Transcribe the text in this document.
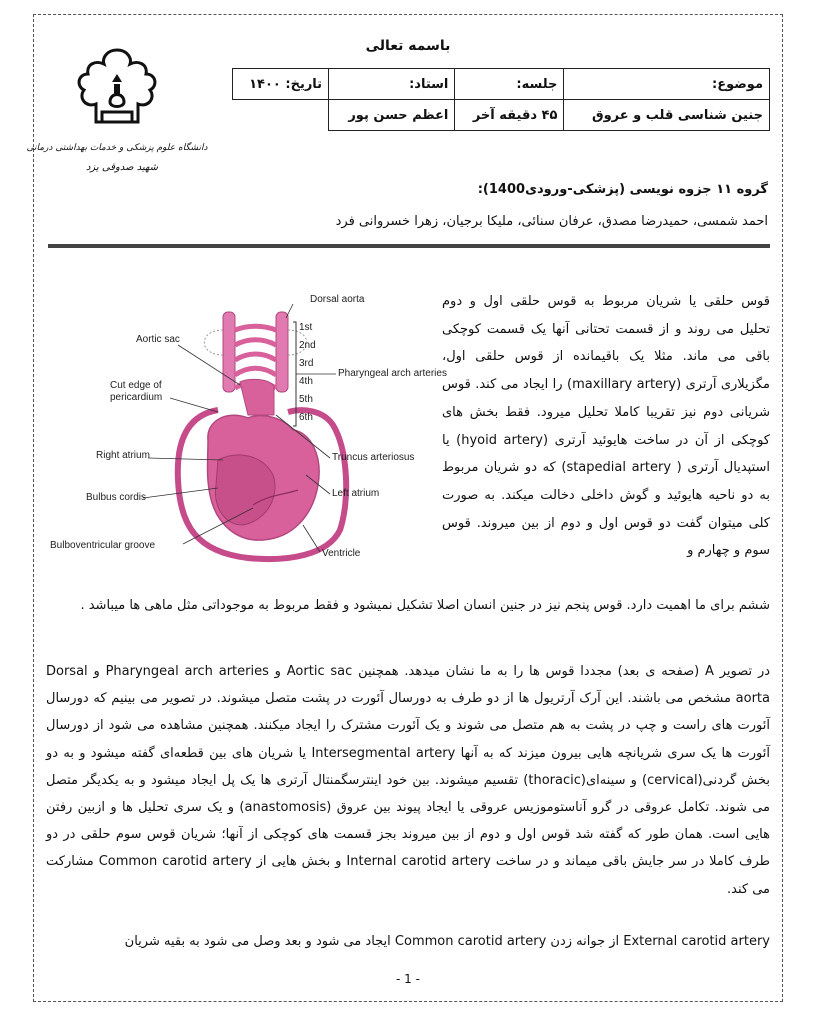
باسمه تعالی
دانشگاه علوم پزشکی و خدمات بهداشتی درمانی
شهید صدوقی یزد
موضوع:	جلسه:	استاد:	تاریخ: ۱۴۰۰
جنین شناسی قلب و عروق	۴۵ دقیقه آخر	اعظم حسن پور	
گروه ۱۱ جزوه نویسی (پزشکی-ورودی1400):
احمد شمسی، حمیدرضا مصدق، عرفان سنائی، ملیکا برجیان، زهرا خسروانی فرد
Dorsal aorta
Aortic sac
Cut edge of
pericardium
Right atrium
Bulbus cordis
Bulboventricular groove
Pharyngeal arch arteries
Truncus arteriosus
Left atrium
Ventricle
1st
2nd
3rd
4th
5th
6th
قوس حلقی یا شریان مربوط به قوس حلقی اول و دوم تحلیل می روند و از قسمت تحتانی آنها یک قسمت کوچکی باقی می ماند. مثلا یک باقیمانده از قوس حلقی اول، مگزیلاری آرتری (maxillary artery) را ایجاد می کند. قوس شریانی دوم نیز تقریبا کاملا تحلیل میرود. فقط بخش های کوچکی از آن در ساخت هایوئید آرتری (hyoid artery) یا استپدیال آرتری ( stapedial artery) که دو شریان مربوط به دو ناحیه هایوئید و گوش داخلی دخالت میکند. به صورت کلی میتوان گفت دو قوس اول و دوم از بین میروند. قوس سوم و چهارم و
ششم برای ما اهمیت دارد. قوس پنجم نیز در جنین انسان اصلا تشکیل نمیشود و فقط مربوط به موجوداتی مثل ماهی ها میباشد .
در تصویر A (صفحه ی بعد) مجددا قوس ها را به ما نشان میدهد. همچنین Aortic sac و Pharyngeal arch arteries و Dorsal aorta مشخص می باشند. این آرک آرتریول ها از دو طرف به دورسال آئورت در پشت متصل میشوند. در تصویر می بینیم که دورسال آئورت های راست و چپ در پشت به هم متصل می شوند و یک آئورت مشترک را ایجاد میکنند. همچنین مشاهده می شود از دورسال آئورت ها یک سری شریانچه هایی بیرون میزند که به آنها Intersegmental artery یا شریان های بین قطعه‌ای گفته میشود و به دو بخش گردنی(cervical) و سینه‌ای(thoracic) تقسیم میشوند. بین خود اینترسگمنتال آرتری ها یک پل ایجاد میشود و به یکدیگر متصل می شوند. تکامل عروقی در گرو آناستوموزیس عروقی یا ایجاد پیوند بین عروق (anastomosis) و یک سری تحلیل ها و ازبین رفتن هایی است. همان طور که گفته شد قوس اول و دوم از بین میروند بجز قسمت های کوچکی از آنها؛ شریان قوس سوم حلقی در دو طرف کاملا در سر جایش باقی میماند و در ساخت Internal carotid artery و بخش هایی از Common carotid artery مشارکت می کند.
External carotid artery از جوانه زدن Common carotid artery ایجاد می شود و بعد وصل می شود به بقیه شریان
- 1 -
